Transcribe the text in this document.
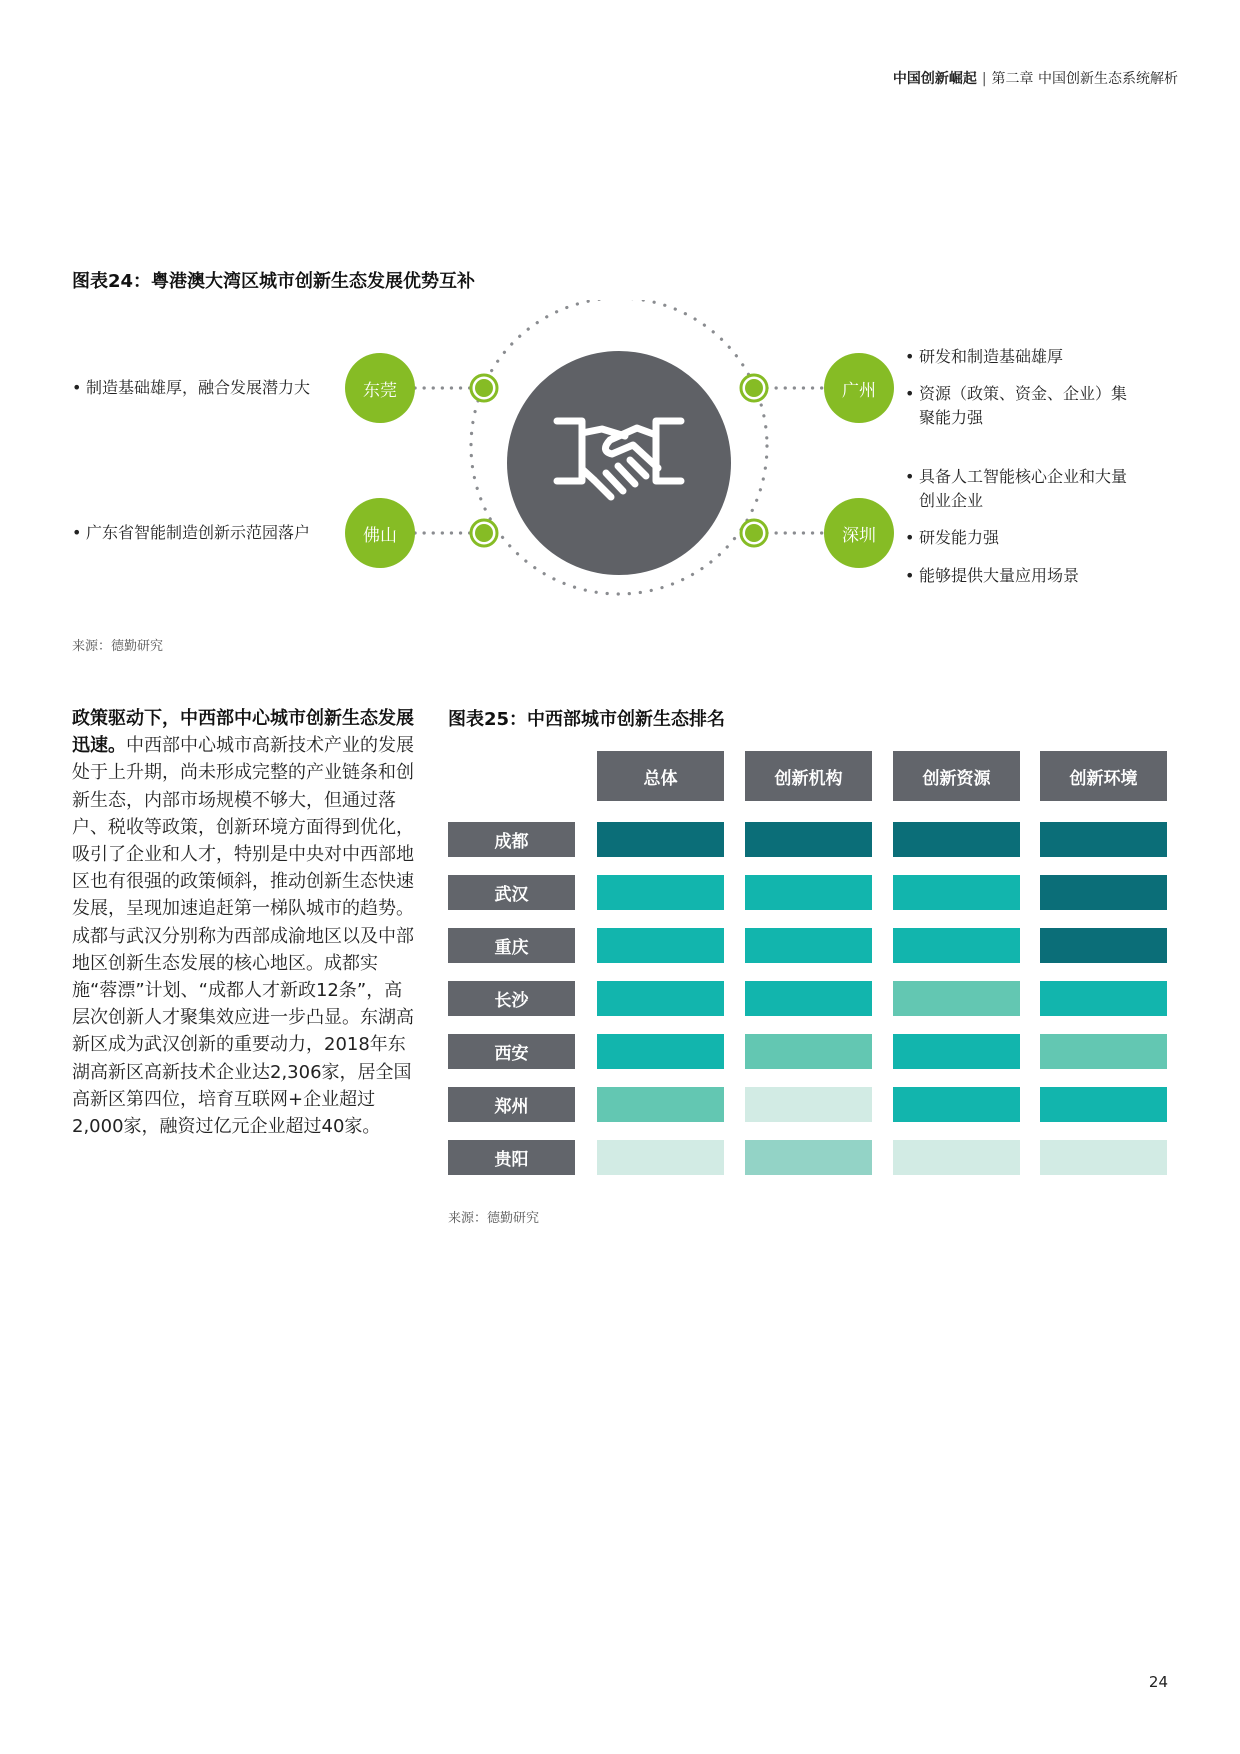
中国创新崛起 | 第二章 中国创新生态系统解析
图表24：粤港澳大湾区城市创新生态发展优势互补
• 制造基础雄厚，融合发展潜力大
• 广东省智能制造创新示范园落户
东莞
佛山
广州
深圳
• 研发和制造基础雄厚
• 资源（政策、资金、企业）集
聚能力强
• 具备人工智能核心企业和大量
创业企业
• 研发能力强
• 能够提供大量应用场景
来源：德勤研究
政策驱动下，中西部中心城市创新生态发展迅速。中西部中心城市高新技术产业的发展处于上升期，尚未形成完整的产业链条和创新生态，内部市场规模不够大，但通过落户、税收等政策，创新环境方面得到优化，吸引了企业和人才，特别是中央对中西部地区也有很强的政策倾斜，推动创新生态快速发展，呈现加速追赶第一梯队城市的趋势。成都与武汉分别称为西部成渝地区以及中部地区创新生态发展的核心地区。成都实施“蓉漂”计划、“成都人才新政12条”，高层次创新人才聚集效应进一步凸显。东湖高新区成为武汉创新的重要动力，2018年东湖高新区高新技术企业达2,306家，居全国高新区第四位，培育互联网+企业超过2,000家，融资过亿元企业超过40家。
图表25：中西部城市创新生态排名
总体	创新机构	创新资源	创新环境
成都
武汉
重庆
长沙
西安
郑州
贵阳
来源：德勤研究
24
